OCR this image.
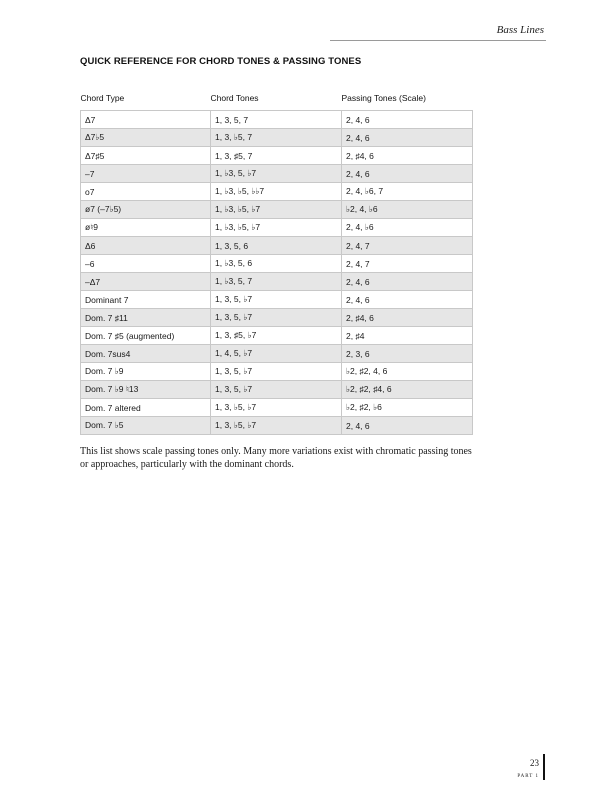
Bass Lines
QUICK REFERENCE FOR CHORD TONES & PASSING TONES
Chord Type	Chord Tones	Passing Tones (Scale)
Δ7	1, 3, 5, 7	2, 4, 6
Δ7♭5	1, 3, ♭5, 7	2, 4, 6
Δ7♯5	1, 3, ♯5, 7	2, ♯4, 6
–7	1, ♭3, 5, ♭7	2, 4, 6
o7	1, ♭3, ♭5, ♭♭7	2, 4, ♭6, 7
ø7 (–7♭5)	1, ♭3, ♭5, ♭7	♭2, 4, ♭6
ø♮9	1, ♭3, ♭5, ♭7	2, 4, ♭6
Δ6	1, 3, 5, 6	2, 4, 7
–6	1, ♭3, 5, 6	2, 4, 7
–Δ7	1, ♭3, 5, 7	2, 4, 6
Dominant 7	1, 3, 5, ♭7	2, 4, 6
Dom. 7 ♯11	1, 3, 5, ♭7	2, ♯4, 6
Dom. 7 ♯5 (augmented)	1, 3, ♯5, ♭7	2, ♯4
Dom. 7sus4	1, 4, 5, ♭7	2, 3, 6
Dom. 7 ♭9	1, 3, 5, ♭7	♭2, ♯2, 4, 6
Dom. 7 ♭9 ♮13	1, 3, 5, ♭7	♭2, ♯2, ♯4, 6
Dom. 7 altered	1, 3, ♭5, ♭7	♭2, ♯2, ♭6
Dom. 7 ♭5	1, 3, ♭5, ♭7	2, 4, 6
This list shows scale passing tones only. Many more variations exist with chromatic passing tones or approaches, particularly with the dominant chords.
23
PART 1
